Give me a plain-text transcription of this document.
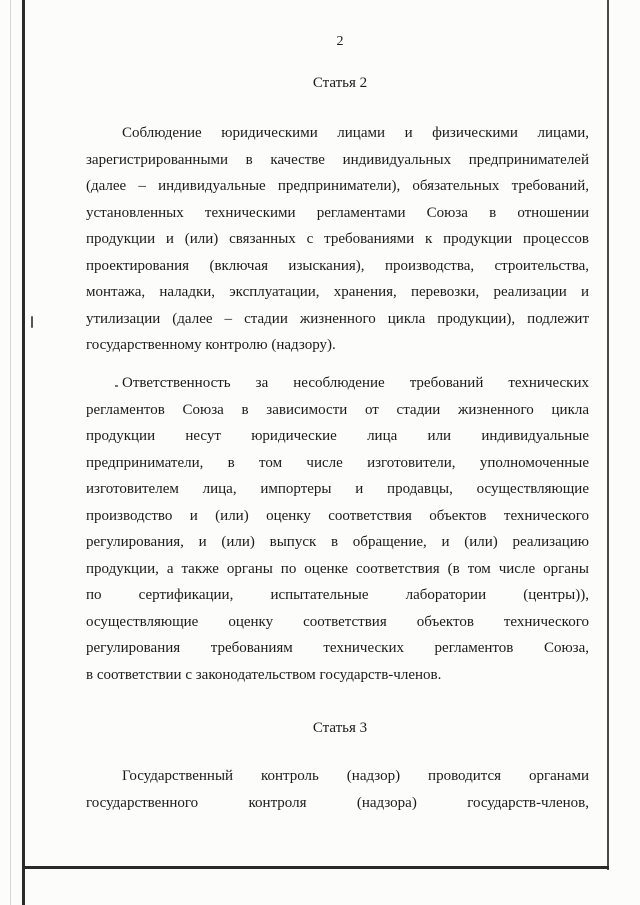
2
Статья 2
Соблюдение юридическими лицами и физическими лицами,
зарегистрированными в качестве индивидуальных предпринимателей
(далее – индивидуальные предприниматели), обязательных требований,
установленных техническими регламентами Союза в отношении
продукции и (или) связанных с требованиями к продукции процессов
проектирования (включая изыскания), производства, строительства,
монтажа, наладки, эксплуатации, хранения, перевозки, реализации и
утилизации (далее – стадии жизненного цикла продукции), подлежит
государственному контролю (надзору).
Ответственность за несоблюдение требований технических
регламентов Союза в зависимости от стадии жизненного цикла
продукции несут юридические лица или индивидуальные
предприниматели, в том числе изготовители, уполномоченные
изготовителем лица, импортеры и продавцы, осуществляющие
производство и (или) оценку соответствия объектов технического
регулирования, и (или) выпуск в обращение, и (или) реализацию
продукции, а также органы по оценке соответствия (в том числе органы
по сертификации, испытательные лаборатории (центры)),
осуществляющие оценку соответствия объектов технического
регулирования требованиям технических регламентов Союза,
в соответствии с законодательством государств-членов.
Статья 3
Государственный контроль (надзор) проводится органами
государственного контроля (надзора) государств-членов,
